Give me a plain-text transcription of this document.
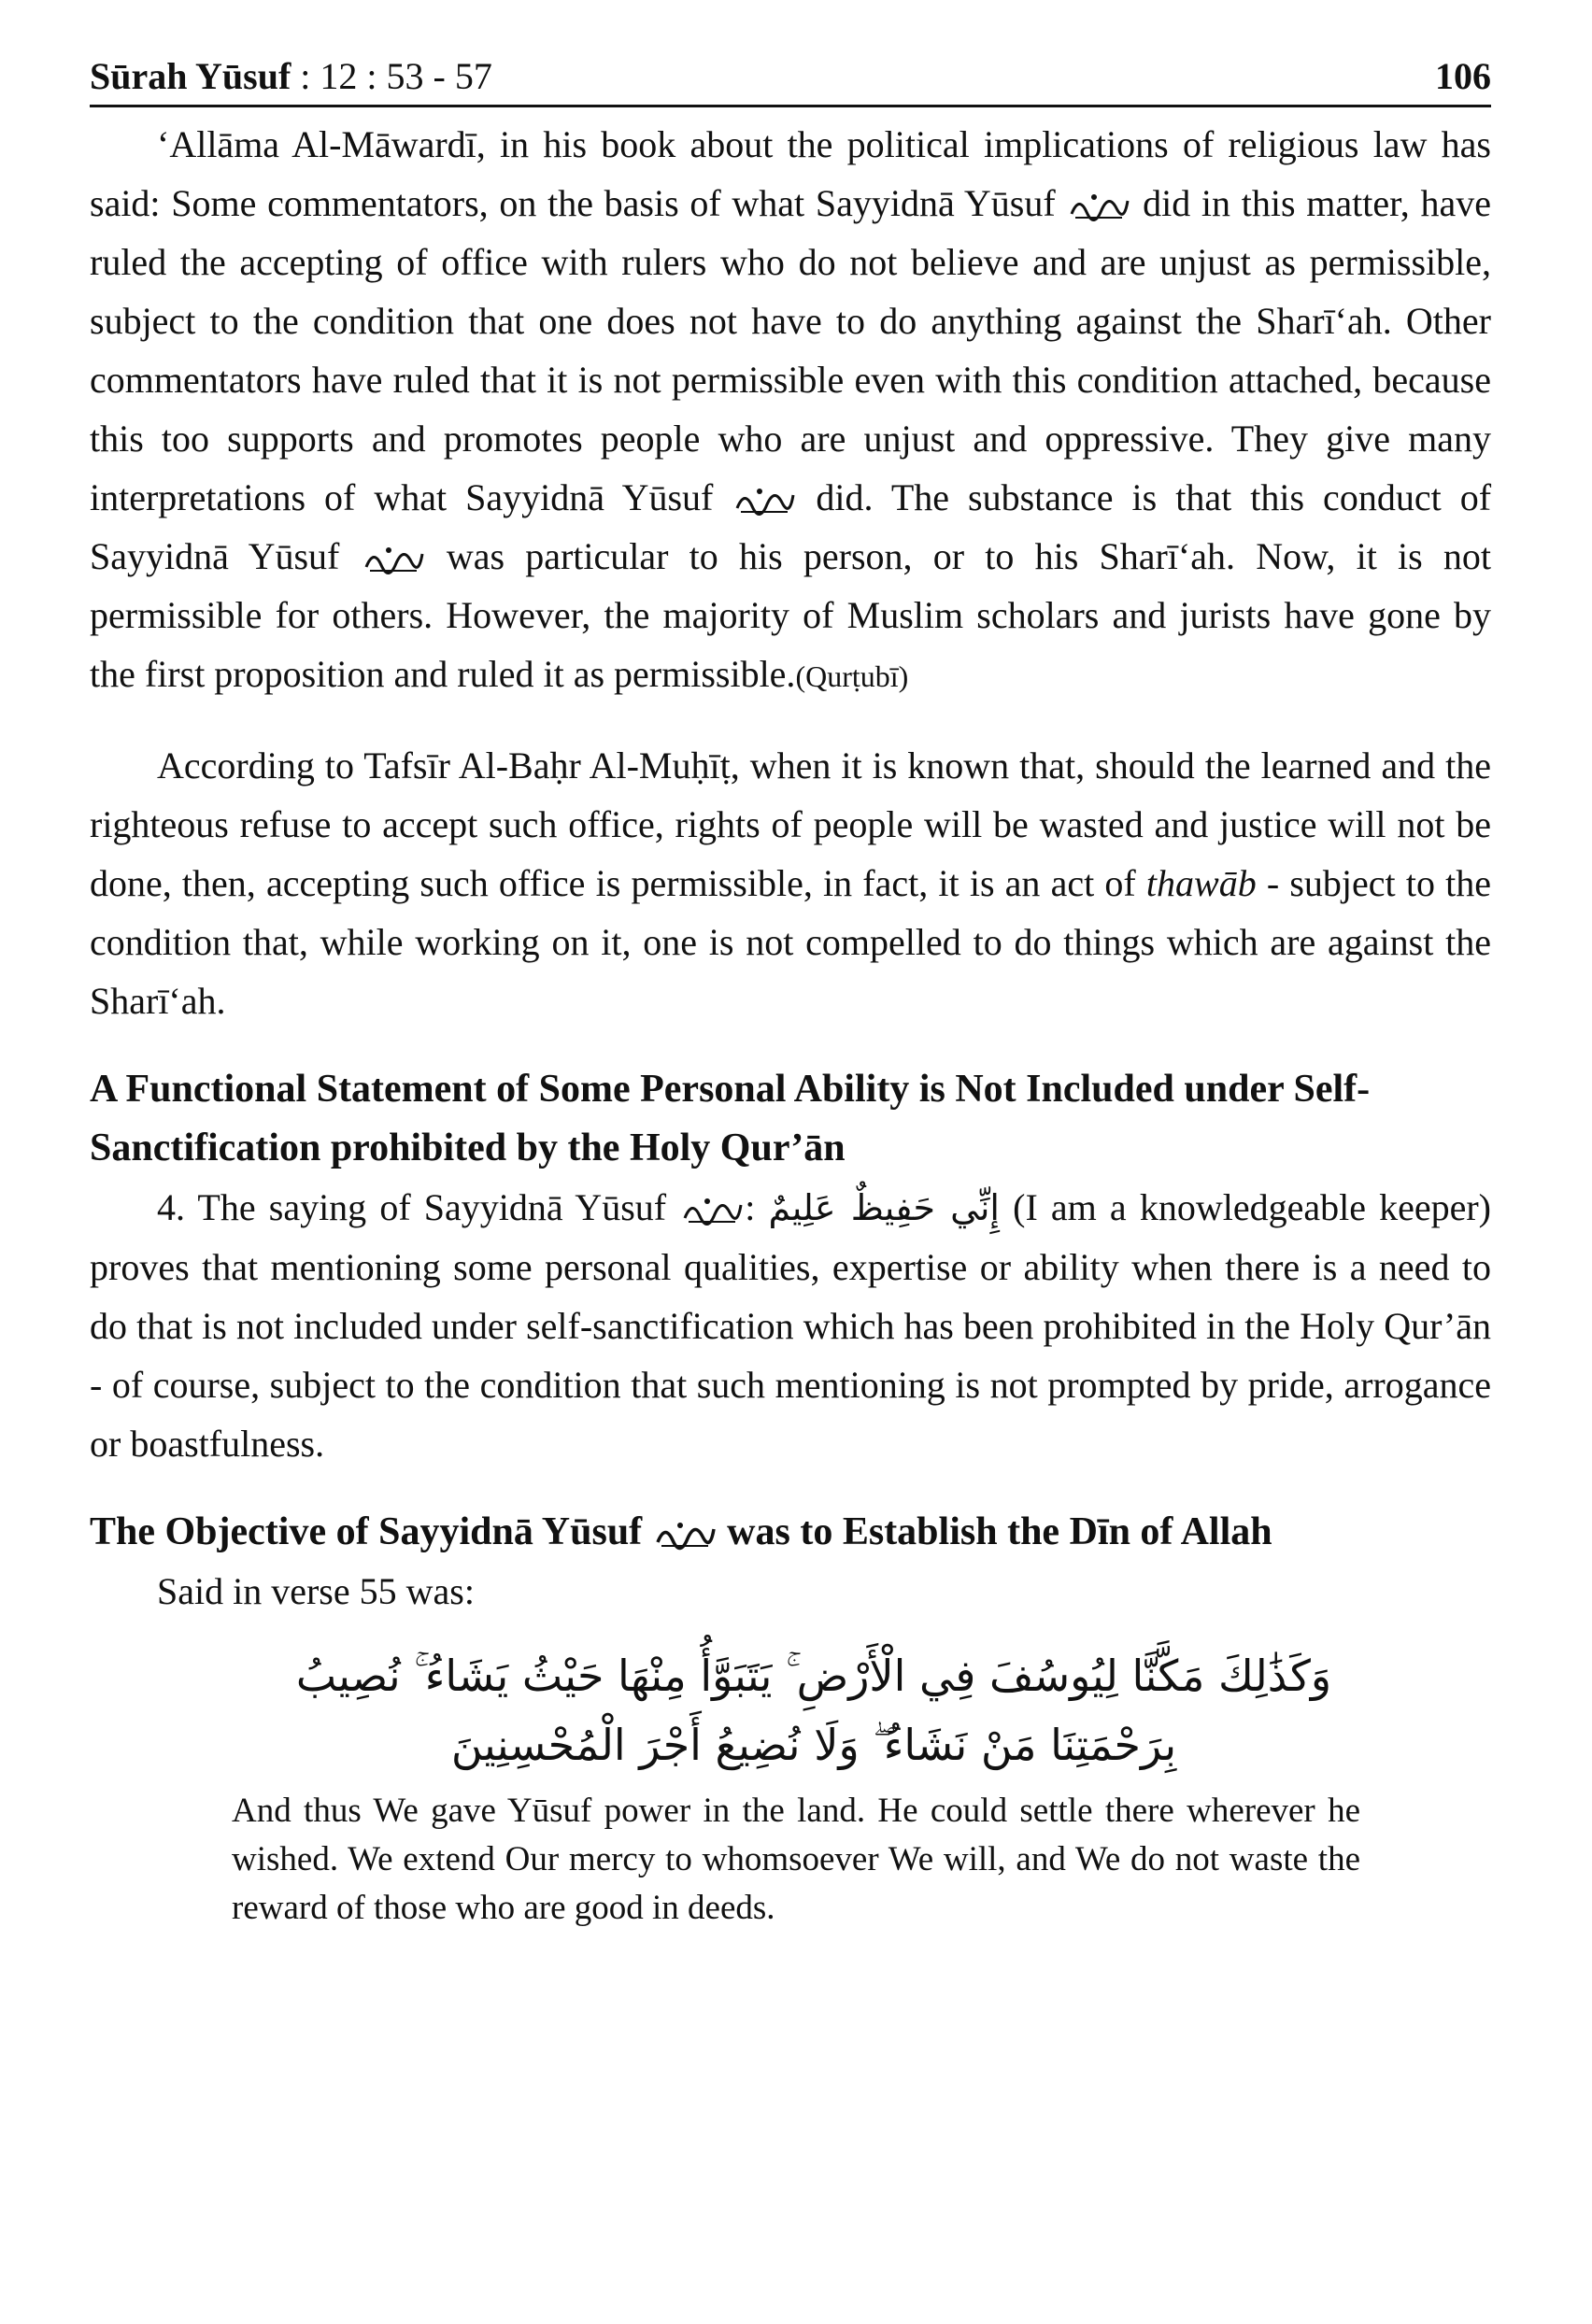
Sūrah Yūsuf : 12 : 53 - 57	106

‘Allāma Al-Māwardī, in his book about the political implications of religious law has said: Some commentators, on the basis of what Sayyidnā Yūsuf did in this matter, have ruled the accepting of office with rulers who do not believe and are unjust as permissible, subject to the condition that one does not have to do anything against the Sharī‘ah. Other commentators have ruled that it is not permissible even with this condition attached, because this too supports and promotes people who are unjust and oppressive. They give many interpretations of what Sayyidnā Yūsuf	did. The substance is that this conduct of Sayyidnā Yūsuf	was particular to his person, or to his Sharī‘ah. Now, it is not permissible for others. However, the majority of Muslim scholars and jurists have gone by the first proposition and ruled it as permissible.(Qurṭubī)

According to Tafsīr Al-Baḥr Al-Muḥīṭ, when it is known that, should the learned and the righteous refuse to accept such office, rights of people will be wasted and justice will not be done, then, accepting such office is permissible, in fact, it is an act of thawāb - subject to the condition that, while working on it, one is not compelled to do things which are against the Sharī‘ah.

A Functional Statement of Some Personal Ability is Not Included under Self-Sanctification prohibited by the Holy Qur’ān

4. The saying of Sayyidnā Yūsuf : إِنِّي حَفِيظٌ عَلِيمٌ (I am a knowledgeable keeper) proves that mentioning some personal qualities, expertise or ability when there is a need to do that is not included under self-sanctification which has been prohibited in the Holy Qur’ān - of course, subject to the condition that such mentioning is not prompted by pride, arrogance or boastfulness.

The Objective of Sayyidnā Yūsuf was to Establish the Dīn of Allah

Said in verse 55 was:

وَكَذَٰلِكَ مَكَّنَّا لِيُوسُفَ فِي الْأَرْضِ ۚ يَتَبَوَّأُ مِنْهَا حَيْثُ يَشَاءُ ۚ نُصِيبُ بِرَحْمَتِنَا مَنْ نَشَاءُ ۖ وَلَا نُضِيعُ أَجْرَ الْمُحْسِنِينَ

And thus We gave Yūsuf power in the land. He could settle there wherever he wished. We extend Our mercy to whomsoever We will, and We do not waste the reward of those who are good in deeds.
